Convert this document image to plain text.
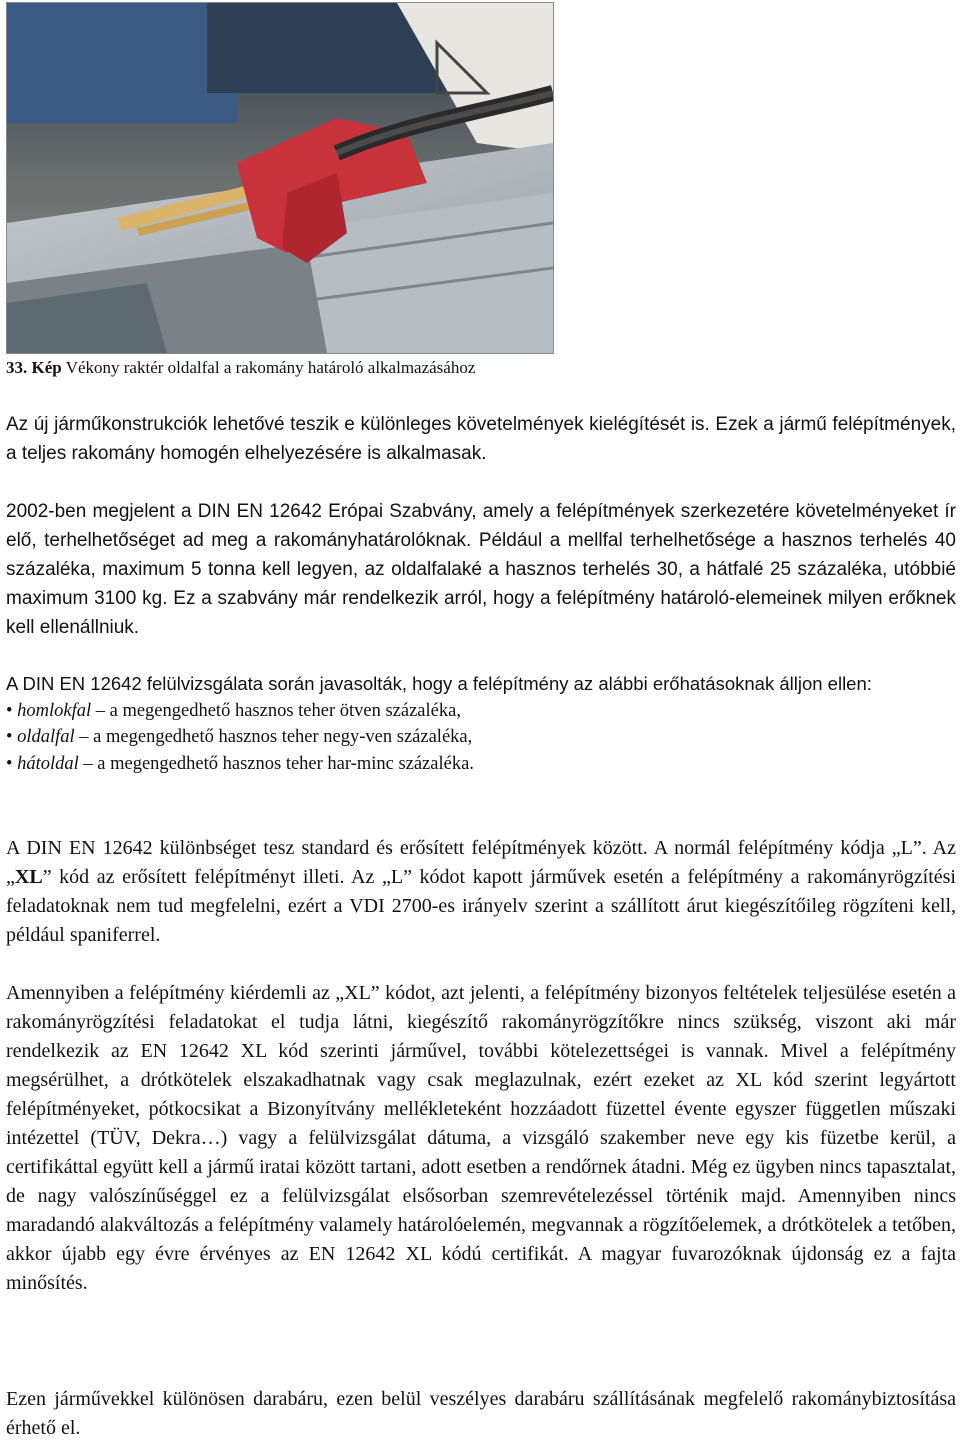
33. Kép Vékony raktér oldalfal a rakomány határoló alkalmazásához

Az új járműkonstrukciók lehetővé teszik e különleges követelmények kielégítését is. Ezek a jármű felépítmények, a teljes rakomány homogén elhelyezésére is alkalmasak.

2002-ben megjelent a DIN EN 12642 Erópai Szabvány, amely a felépítmények szerkezetére követelményeket ír elő, terhelhetőséget ad meg a rakományhatárolóknak. Például a mellfal terhelhetősége a hasznos terhelés 40 százaléka, maximum 5 tonna kell legyen, az oldalfalaké a hasznos terhelés 30, a hátfalé 25 százaléka, utóbbié maximum 3100 kg. Ez a szabvány már rendelkezik arról, hogy a felépítmény határoló-elemeinek milyen erőknek kell ellenállniuk.

A DIN EN 12642 felülvizsgálata során javasolták, hogy a felépítmény az alábbi erőhatásoknak álljon ellen:
• homlokfal – a megengedhető hasznos teher ötven százaléka,
• oldalfal – a megengedhető hasznos teher negy-ven százaléka,
• hátoldal – a megengedhető hasznos teher har-minc százaléka.

A DIN EN 12642 különbséget tesz standard és erősített felépítmények között. A normál felépítmény kódja „L”. Az „XL” kód az erősített felépítményt illeti. Az „L” kódot kapott járművek esetén a felépítmény a rakományrögzítési feladatoknak nem tud megfelelni, ezért a VDI 2700-es irányelv szerint a szállított árut kiegészítőileg rögzíteni kell, például spaniferrel.

Amennyiben a felépítmény kiérdemli az „XL” kódot, azt jelenti, a felépítmény bizonyos feltételek teljesülése esetén a rakományrögzítési feladatokat el tudja látni, kiegészítő rakományrögzítőkre nincs szükség, viszont aki már rendelkezik az EN 12642 XL kód szerinti járművel, további kötelezettségei is vannak. Mivel a felépítmény megsérülhet, a drótkötelek elszakadhatnak vagy csak meglazulnak, ezért ezeket az XL kód szerint legyártott felépítményeket, pótkocsikat a Bizonyítvány mellékleteként hozzáadott füzettel évente egyszer független műszaki intézettel (TÜV, Dekra…) vagy a felülvizsgálat dátuma, a vizsgáló szakember neve egy kis füzetbe kerül, a certifikáttal együtt kell a jármű iratai között tartani, adott esetben a rendőrnek átadni. Még ez ügyben nincs tapasztalat, de nagy valószínűséggel ez a felülvizsgálat elsősorban szemrevételezéssel történik majd. Amennyiben nincs maradandó alakváltozás a felépítmény valamely határolóelemén, megvannak a rögzítőelemek, a drótkötelek a tetőben, akkor újabb egy évre érvényes az EN 12642 XL kódú certifikát. A magyar fuvarozóknak újdonság ez a fajta minősítés.

Ezen járművekkel különösen darabáru, ezen belül veszélyes darabáru szállításának megfelelő rakománybiztosítása érhető el.
